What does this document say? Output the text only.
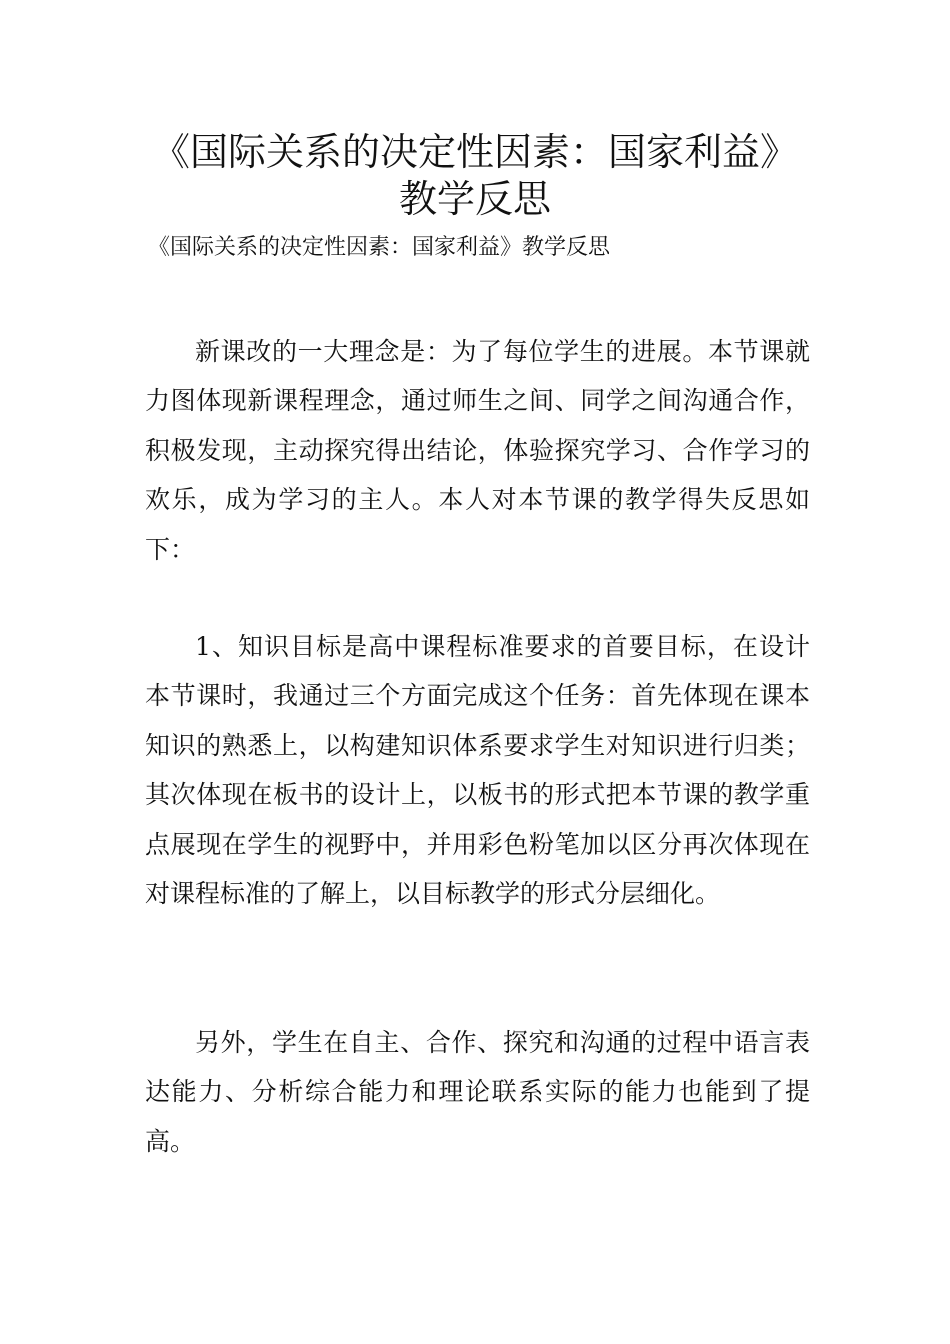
《国际关系的决定性因素：国家利益》
教学反思
《国际关系的决定性因素：国家利益》教学反思

新课改的一大理念是：为了每位学生的进展。本节课就力图体现新课程理念，通过师生之间、同学之间沟通合作，积极发现，主动探究得出结论，体验探究学习、合作学习的欢乐，成为学习的主人。本人对本节课的教学得失反思如下：

1、知识目标是高中课程标准要求的首要目标，在设计本节课时，我通过三个方面完成这个任务：首先体现在课本知识的熟悉上，以构建知识体系要求学生对知识进行归类；其次体现在板书的设计上，以板书的形式把本节课的教学重点展现在学生的视野中，并用彩色粉笔加以区分再次体现在对课程标准的了解上，以目标教学的形式分层细化。

另外，学生在自主、合作、探究和沟通的过程中语言表达能力、分析综合能力和理论联系实际的能力也能到了提高。
